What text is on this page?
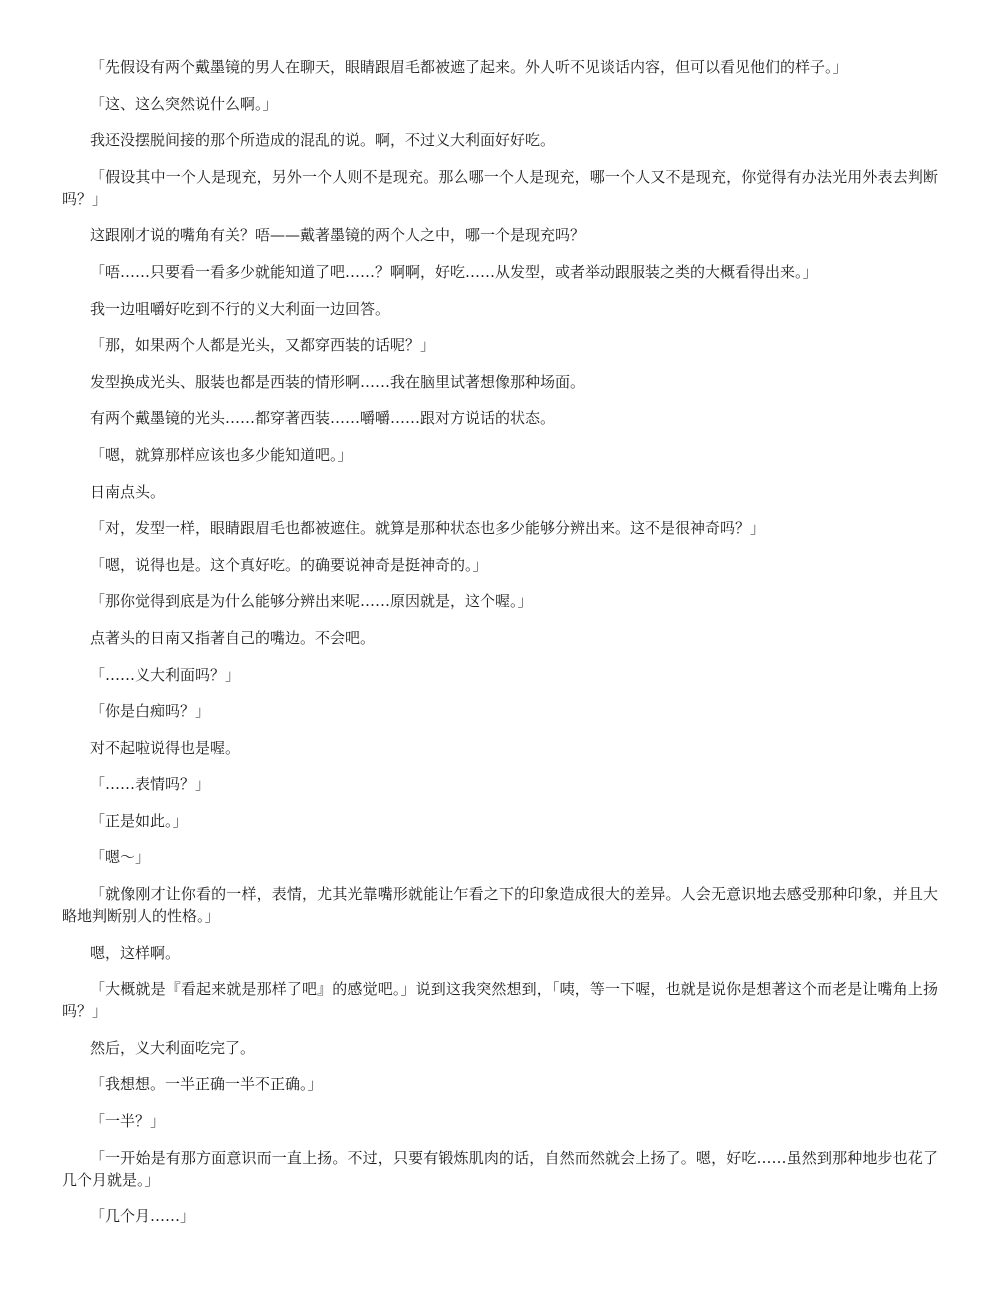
「先假设有两个戴墨镜的男人在聊天，眼睛跟眉毛都被遮了起来。外人听不见谈话内容，但可以看见他们的样子。」

「这、这么突然说什么啊。」

我还没摆脱间接的那个所造成的混乱的说。啊，不过义大利面好好吃。

「假设其中一个人是现充，另外一个人则不是现充。那么哪一个人是现充，哪一个人又不是现充，你觉得有办法光用外表去判断吗？」

这跟刚才说的嘴角有关？唔——戴著墨镜的两个人之中，哪一个是现充吗？

「唔……只要看一看多少就能知道了吧……？啊啊，好吃……从发型，或者举动跟服装之类的大概看得出来。」

我一边咀嚼好吃到不行的义大利面一边回答。

「那，如果两个人都是光头，又都穿西装的话呢？」

发型换成光头、服装也都是西装的情形啊……我在脑里试著想像那种场面。

有两个戴墨镜的光头……都穿著西装……嚼嚼……跟对方说话的状态。

「嗯，就算那样应该也多少能知道吧。」

日南点头。

「对，发型一样，眼睛跟眉毛也都被遮住。就算是那种状态也多少能够分辨出来。这不是很神奇吗？」

「嗯，说得也是。这个真好吃。的确要说神奇是挺神奇的。」

「那你觉得到底是为什么能够分辨出来呢……原因就是，这个喔。」

点著头的日南又指著自己的嘴边。不会吧。

「……义大利面吗？」

「你是白痴吗？」

对不起啦说得也是喔。

「……表情吗？」

「正是如此。」

「嗯～」

「就像刚才让你看的一样，表情，尤其光靠嘴形就能让乍看之下的印象造成很大的差异。人会无意识地去感受那种印象，并且大略地判断别人的性格。」

嗯，这样啊。

「大概就是『看起来就是那样了吧』的感觉吧。」说到这我突然想到，「咦，等一下喔，也就是说你是想著这个而老是让嘴角上扬吗？」

然后，义大利面吃完了。

「我想想。一半正确一半不正确。」

「一半？」

「一开始是有那方面意识而一直上扬。不过，只要有锻炼肌肉的话，自然而然就会上扬了。嗯，好吃……虽然到那种地步也花了几个月就是。」

「几个月……」
